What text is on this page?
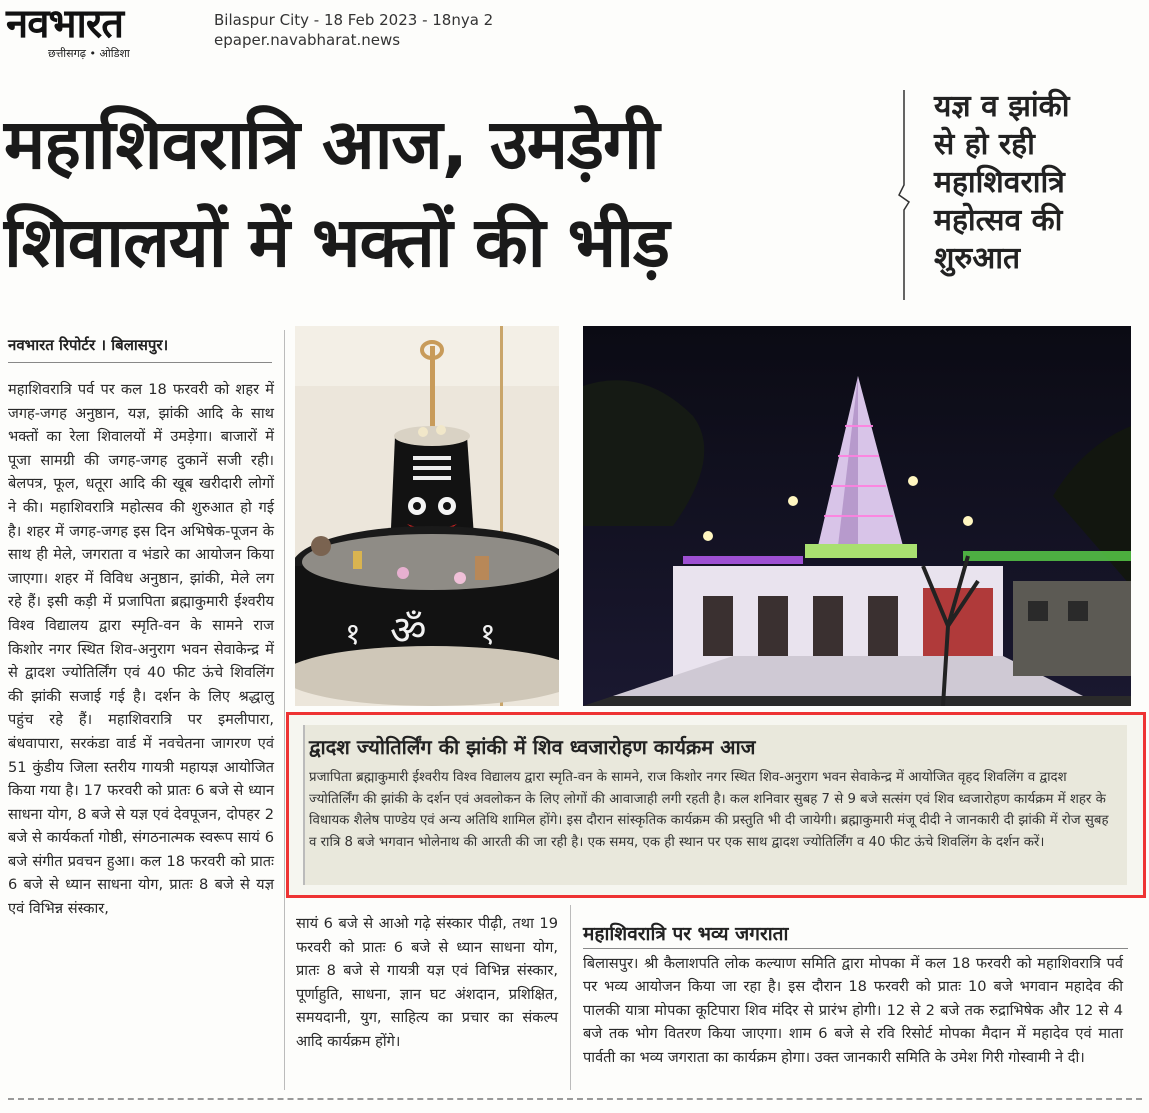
नवभारत
छत्तीसगढ़ • ओडिशा
Bilaspur City - 18 Feb 2023 - 18nya 2
epaper.navabharat.news
महाशिवरात्रि आज, उमड़ेगी
शिवालयों में भक्तों की भीड़
यज्ञ व झांकी
से हो रही
महाशिवरात्रि
महोत्सव की
शुरुआत
नवभारत रिपोर्टर । बिलासपुर।
महाशिवरात्रि पर्व पर कल 18 फरवरी को शहर में जगह-जगह अनुष्ठान, यज्ञ, झांकी आदि के साथ भक्तों का रेला शिवालयों में उमड़ेगा। बाजारों में पूजा सामग्री की जगह-जगह दुकानें सजी रही। बेलपत्र, फूल, धतूरा आदि की खूब खरीदारी लोगों ने की। महाशिवरात्रि महोत्सव की शुरुआत हो गई है। शहर में जगह-जगह इस दिन अभिषेक-पूजन के साथ ही मेले, जगराता व भंडारे का आयोजन किया जाएगा। शहर में विविध अनुष्ठान, झांकी, मेले लग रहे हैं। इसी कड़ी में प्रजापिता ब्रह्माकुमारी ईश्वरीय विश्व विद्यालय द्वारा स्मृति-वन के सामने राज किशोर नगर स्थित शिव-अनुराग भवन सेवाकेन्द्र में से द्वादश ज्योतिर्लिंग एवं 40 फीट ऊंचे शिवलिंग की झांकी सजाई गई है। दर्शन के लिए श्रद्धालु पहुंच रहे हैं। महाशिवरात्रि पर इमलीपारा, बंधवापारा, सरकंडा वार्ड में नवचेतना जागरण एवं 51 कुंडीय जिला स्तरीय गायत्री महायज्ञ आयोजित किया गया है। 17 फरवरी को प्रातः 6 बजे से ध्यान साधना योग, 8 बजे से यज्ञ एवं देवपूजन, दोपहर 2 बजे से कार्यकर्ता गोष्ठी, संगठनात्मक स्वरूप सायं 6 बजे संगीत प्रवचन हुआ। कल 18 फरवरी को प्रातः 6 बजे से ध्यान साधना योग, प्रातः 8 बजे से यज्ञ एवं विभिन्न संस्कार,
१ ॐ १
द्वादश ज्योतिर्लिंग की झांकी में शिव ध्वजारोहण कार्यक्रम आज
प्रजापिता ब्रह्माकुमारी ईश्वरीय विश्व विद्यालय द्वारा स्मृति-वन के सामने, राज किशोर नगर स्थित शिव-अनुराग भवन सेवाकेन्द्र में आयोजित वृहद शिवलिंग व द्वादश ज्योतिर्लिंग की झांकी के दर्शन एवं अवलोकन के लिए लोगों की आवाजाही लगी रहती है। कल शनिवार सुबह 7 से 9 बजे सत्संग एवं शिव ध्वजारोहण कार्यक्रम में शहर के विधायक शैलेष पाण्डेय एवं अन्य अतिथि शामिल होंगे। इस दौरान सांस्कृतिक कार्यक्रम की प्रस्तुति भी दी जायेगी। ब्रह्माकुमारी मंजू दीदी ने जानकारी दी झांकी में रोज सुबह व रात्रि 8 बजे भगवान भोलेनाथ की आरती की जा रही है। एक समय, एक ही स्थान पर एक साथ द्वादश ज्योतिर्लिंग व 40 फीट ऊंचे शिवलिंग के दर्शन करें।
सायं 6 बजे से आओ गढ़े संस्कार पीढ़ी, तथा 19 फरवरी को प्रातः 6 बजे से ध्यान साधना योग, प्रातः 8 बजे से गायत्री यज्ञ एवं विभिन्न संस्कार, पूर्णाहुति, साधना, ज्ञान घट अंशदान, प्रशिक्षित, समयदानी, युग, साहित्य का प्रचार का संकल्प आदि कार्यक्रम होंगे।
महाशिवरात्रि पर भव्य जगराता
बिलासपुर। श्री कैलाशपति लोक कल्याण समिति द्वारा मोपका में कल 18 फरवरी को महाशिवरात्रि पर्व पर भव्य आयोजन किया जा रहा है। इस दौरान 18 फरवरी को प्रातः 10 बजे भगवान महादेव की पालकी यात्रा मोपका कूटिपारा शिव मंदिर से प्रारंभ होगी। 12 से 2 बजे तक रुद्राभिषेक और 12 से 4 बजे तक भोग वितरण किया जाएगा। शाम 6 बजे से रवि रिसोर्ट मोपका मैदान में महादेव एवं माता पार्वती का भव्य जगराता का कार्यक्रम होगा। उक्त जानकारी समिति के उमेश गिरी गोस्वामी ने दी।
